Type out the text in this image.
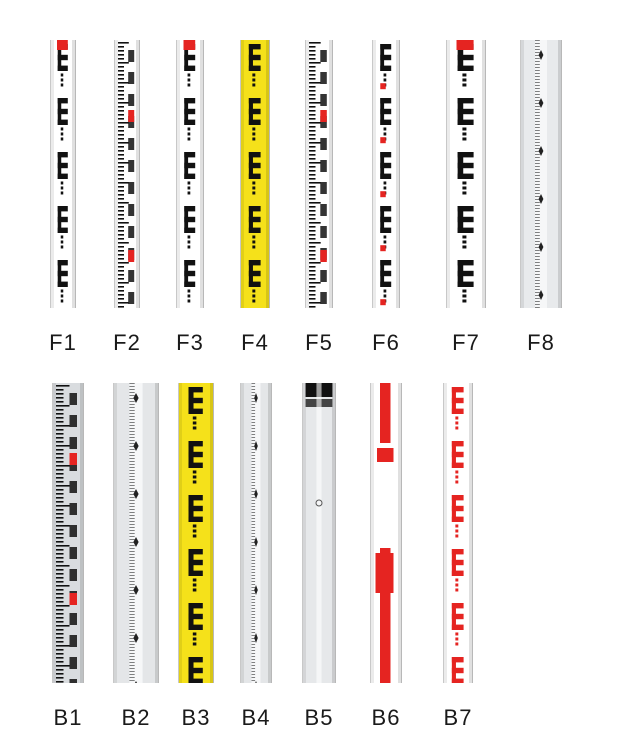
F1	F2	F3	F4	F5	F6	F7	F8
B1	B2	B3	B4	B5	B6	B7
